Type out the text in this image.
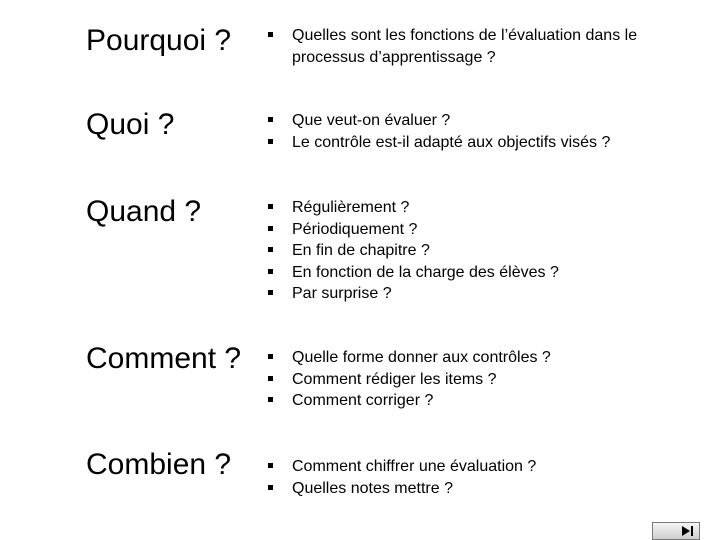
Pourquoi ?	Quelles sont les fonctions de l’évaluation dans le
processus d’apprentissage ?
Quoi ?	Que veut-on évaluer ?
Le contrôle est-il adapté aux objectifs visés ?
Quand ?	Régulièrement ?
Périodiquement ?
En fin de chapitre ?
En fonction de la charge des élèves ?
Par surprise ?
Comment ?	Quelle forme donner aux contrôles ?
Comment rédiger les items ?
Comment corriger ?
Combien ?	Comment chiffrer une évaluation ?
Quelles notes mettre ?
